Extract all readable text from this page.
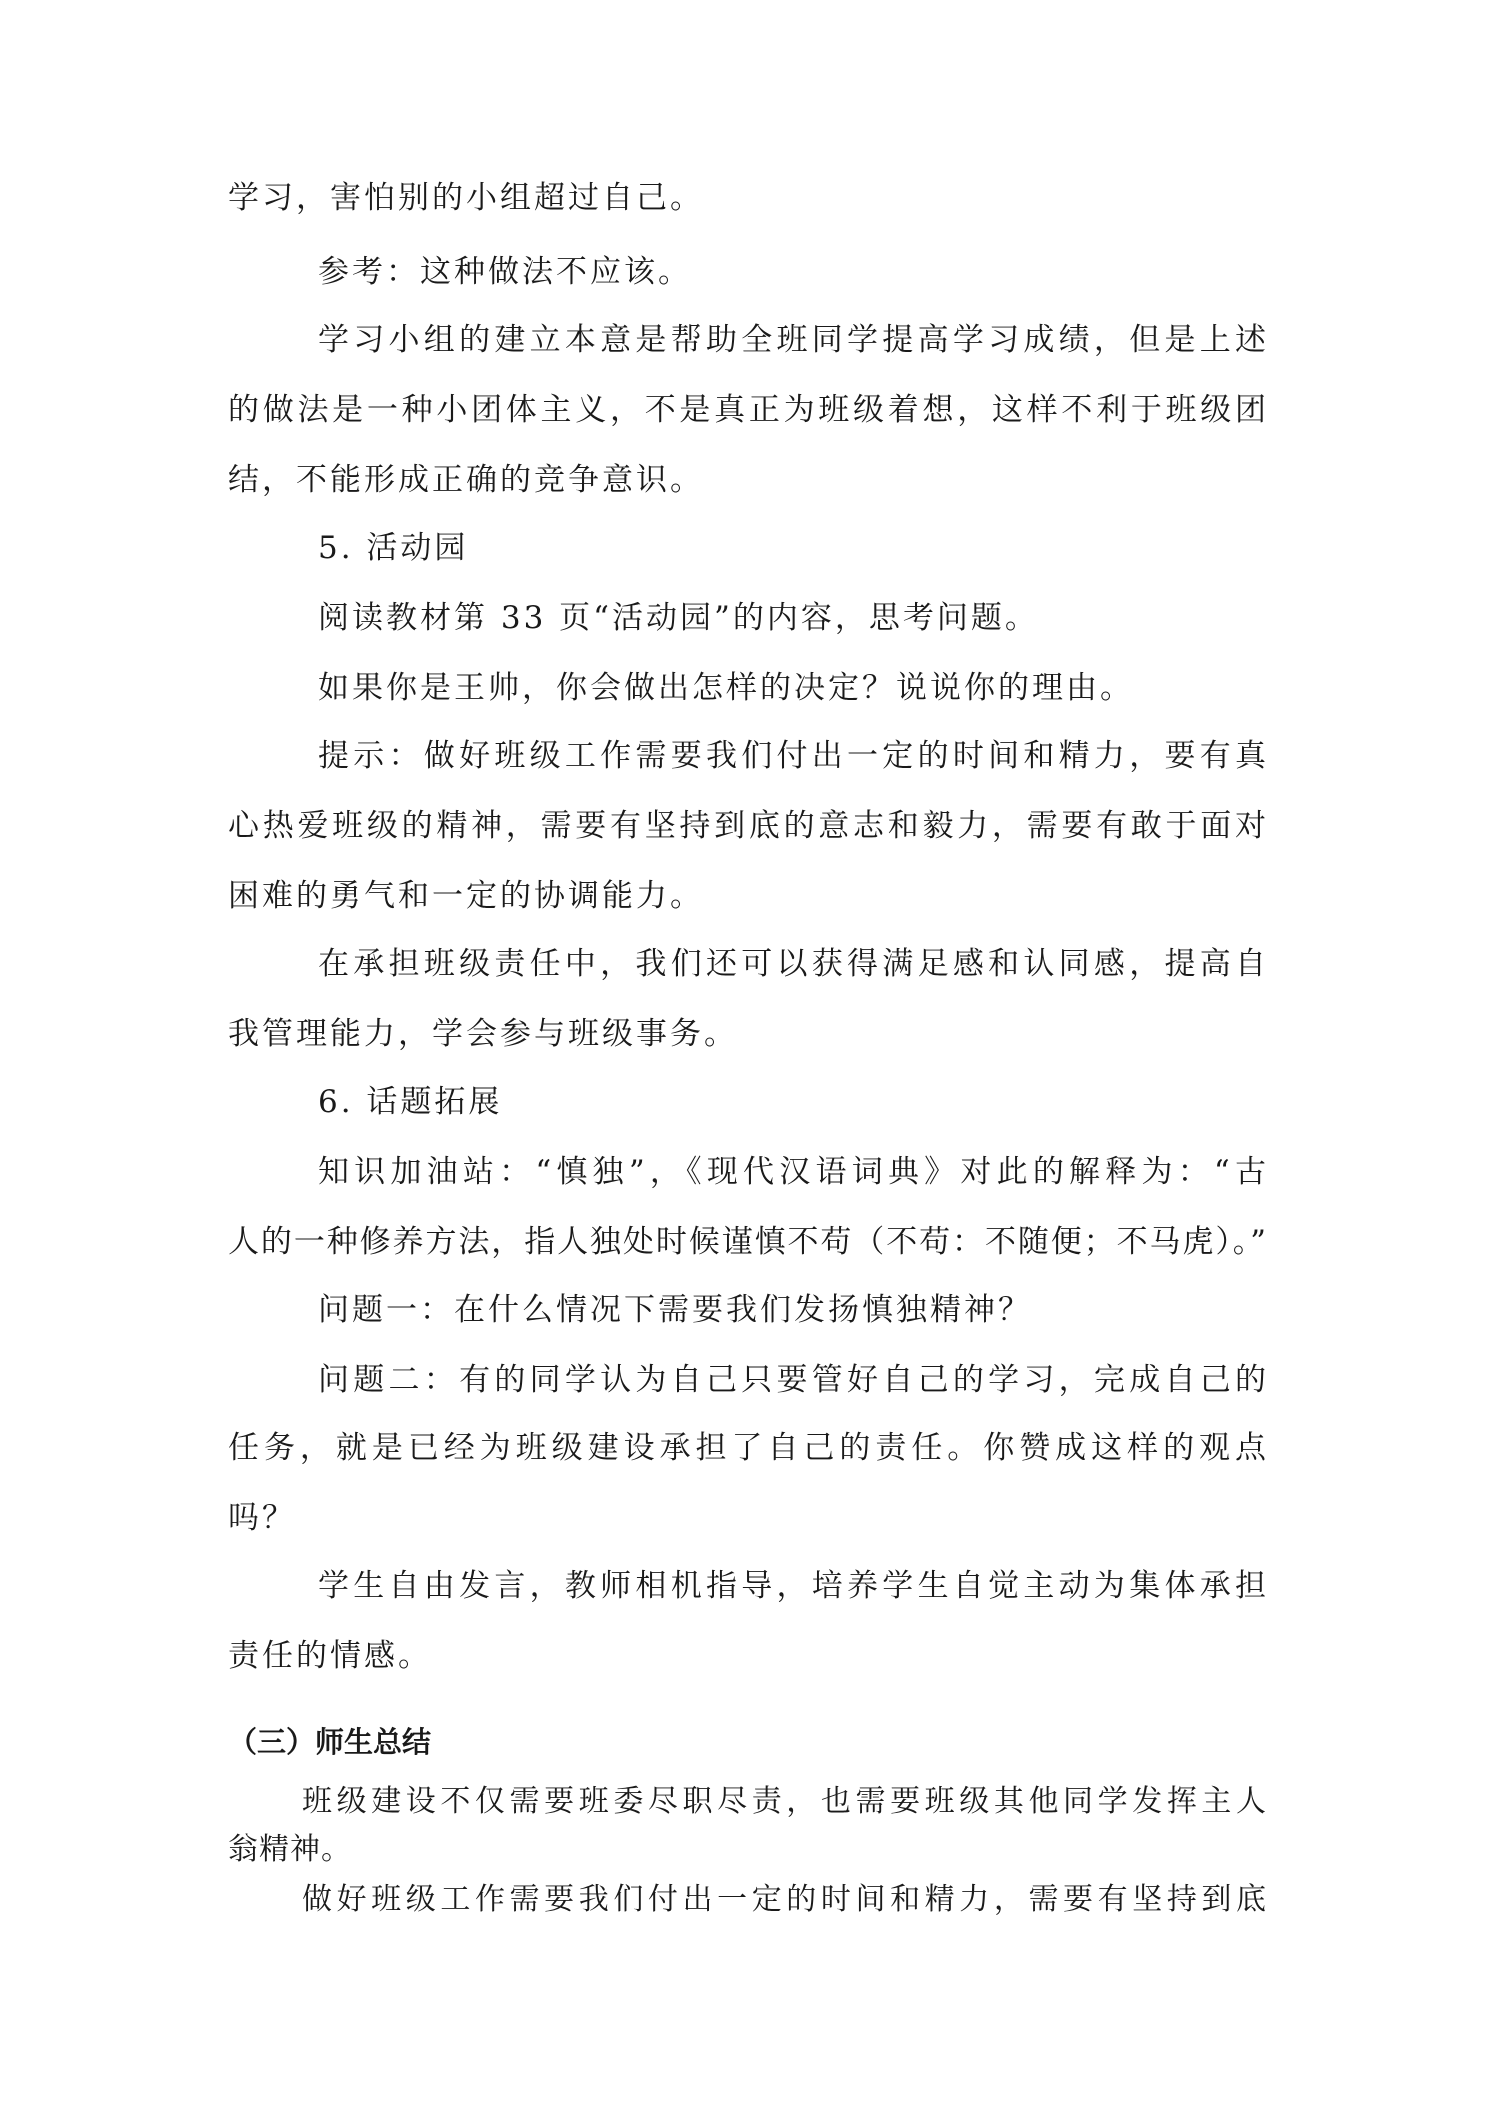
学习，害怕别的小组超过自己。
参考：这种做法不应该。
学习小组的建立本意是帮助全班同学提高学习成绩，但是上述
的做法是一种小团体主义，不是真正为班级着想，这样不利于班级团
结，不能形成正确的竞争意识。
5. 活动园
阅读教材第 33 页“活动园”的内容，思考问题。
如果你是王帅，你会做出怎样的决定？说说你的理由。
提示：做好班级工作需要我们付出一定的时间和精力，要有真
心热爱班级的精神，需要有坚持到底的意志和毅力，需要有敢于面对
困难的勇气和一定的协调能力。
在承担班级责任中，我们还可以获得满足感和认同感，提高自
我管理能力，学会参与班级事务。
6. 话题拓展
知识加油站：“慎独”，《现代汉语词典》对此的解释为：“古
人的一种修养方法，指人独处时候谨慎不苟（不苟：不随便；不马虎）。”
问题一：在什么情况下需要我们发扬慎独精神？
问题二：有的同学认为自己只要管好自己的学习，完成自己的
任务，就是已经为班级建设承担了自己的责任。你赞成这样的观点
吗？
学生自由发言，教师相机指导，培养学生自觉主动为集体承担
责任的情感。
（三）师生总结
班级建设不仅需要班委尽职尽责，也需要班级其他同学发挥主人
翁精神。
做好班级工作需要我们付出一定的时间和精力，需要有坚持到底
